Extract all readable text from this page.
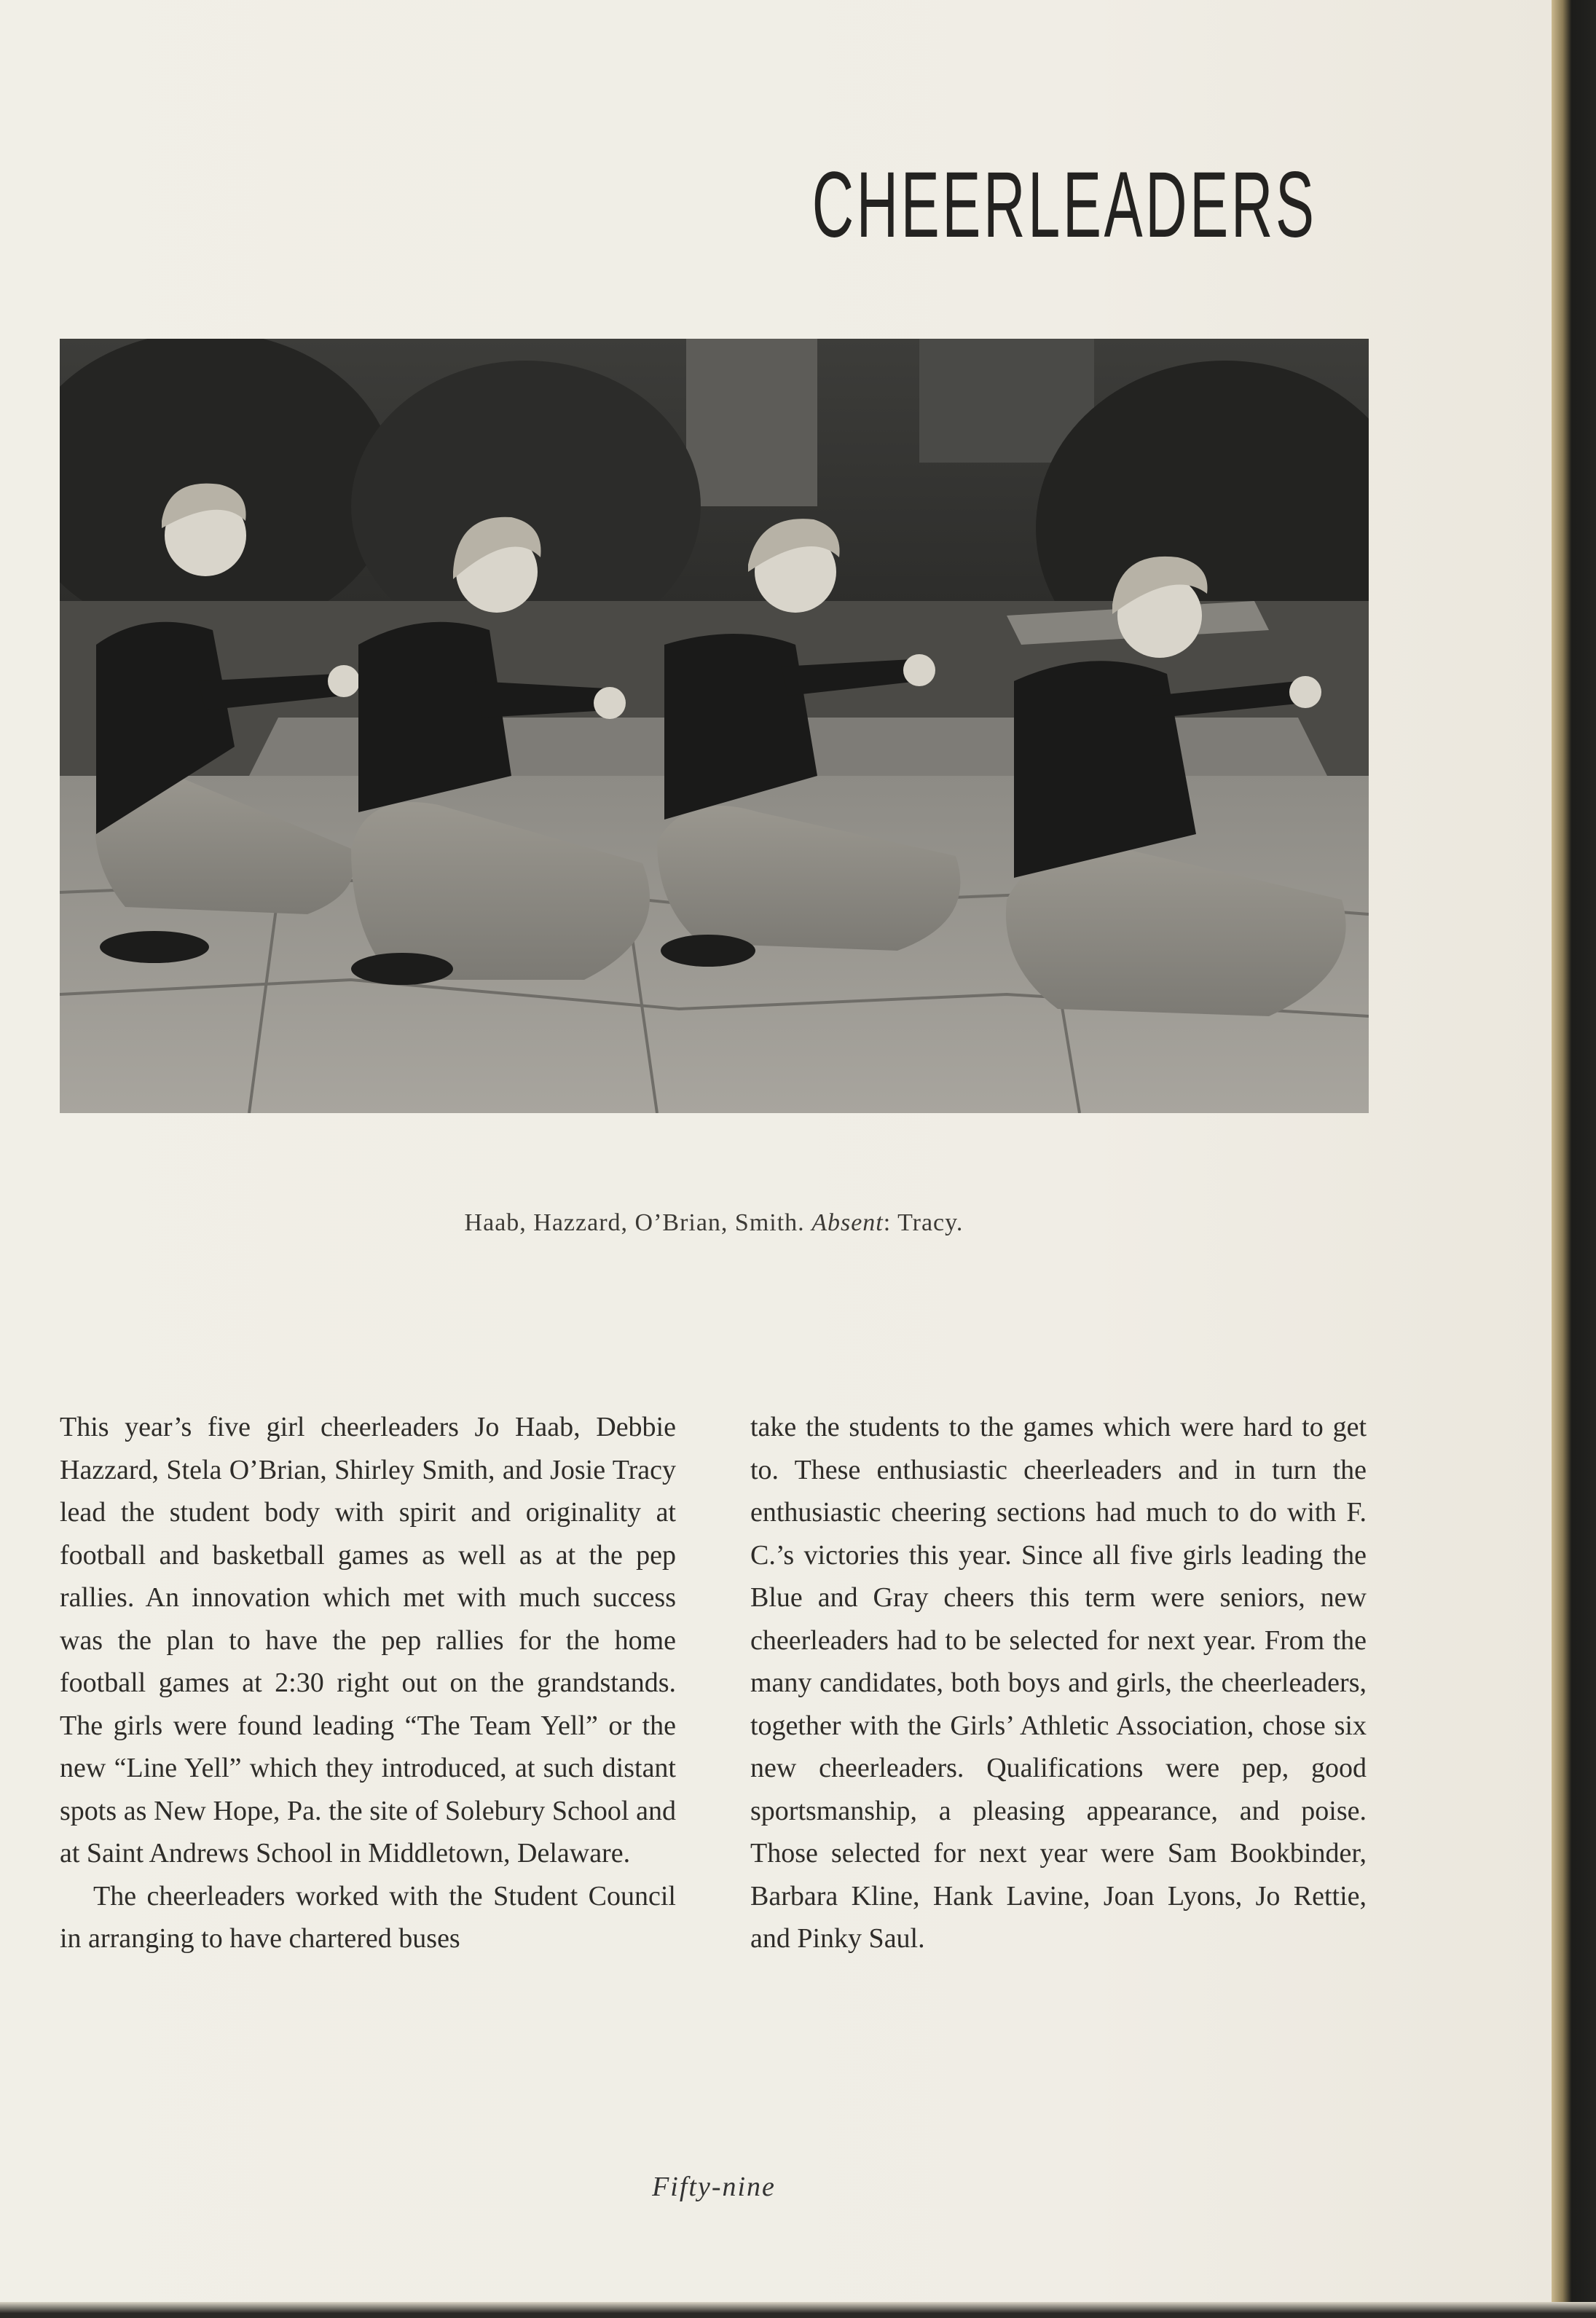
CHEERLEADERS
Haab, Hazzard, O’Brian, Smith. Absent: Tracy.

This year’s five girl cheerleaders Jo Haab, Debbie Hazzard, Stela O’Brian, Shirley Smith, and Josie Tracy lead the student body with spirit and originality at football and basketball games as well as at the pep rallies. An innovation which met with much success was the plan to have the pep rallies for the home football games at 2:30 right out on the grandstands. The girls were found leading “The Team Yell” or the new “Line Yell” which they introduced, at such distant spots as New Hope, Pa. the site of Solebury School and at Saint Andrews School in Middletown, Delaware.

The cheerleaders worked with the Student Council in arranging to have chartered buses

take the students to the games which were hard to get to. These enthusiastic cheerleaders and in turn the enthusiastic cheering sections had much to do with F. C.’s victories this year. Since all five girls leading the Blue and Gray cheers this term were seniors, new cheerleaders had to be selected for next year. From the many candidates, both boys and girls, the cheerleaders, together with the Girls’ Athletic Association, chose six new cheerleaders. Qualifications were pep, good sportsmanship, a pleasing appearance, and poise. Those selected for next year were Sam Bookbinder, Barbara Kline, Hank Lavine, Joan Lyons, Jo Rettie, and Pinky Saul.

Fifty-nine
